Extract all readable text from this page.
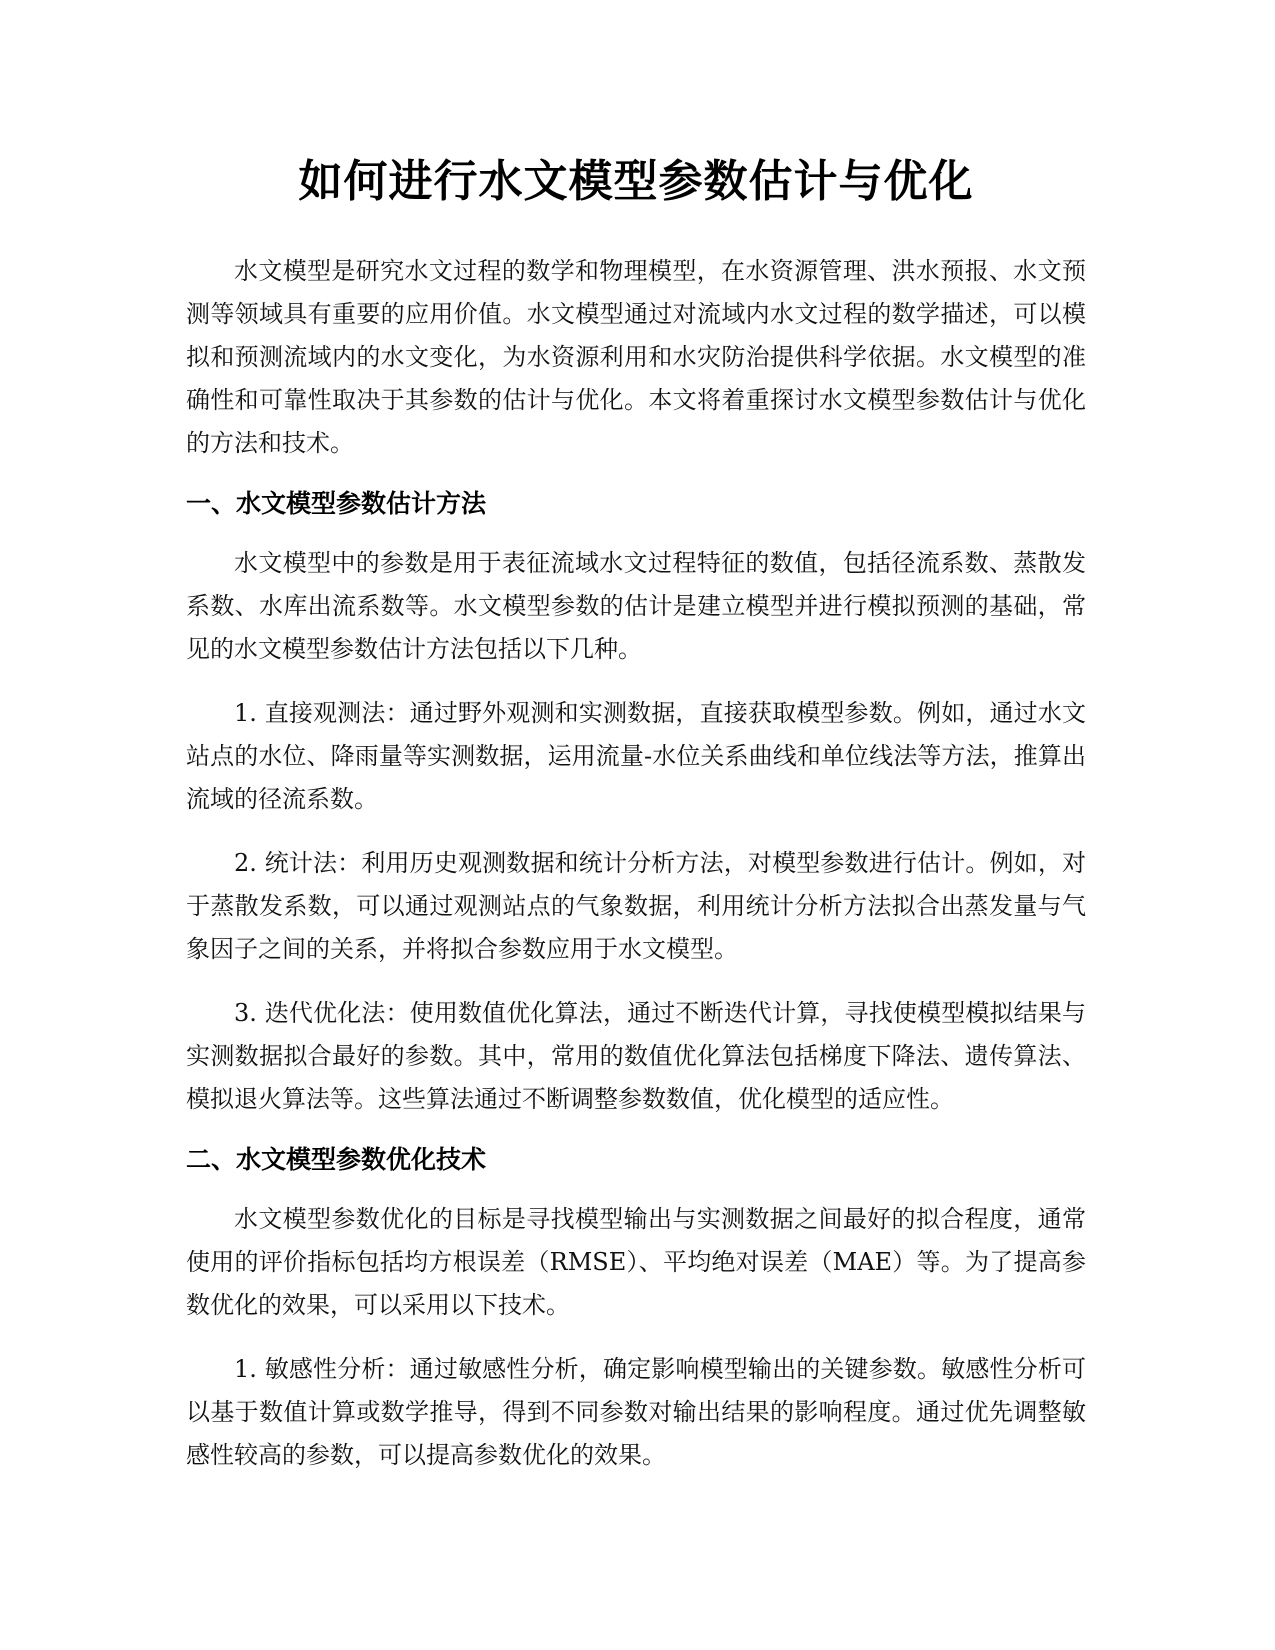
如何进行水文模型参数估计与优化

水文模型是研究水文过程的数学和物理模型，在水资源管理、洪水预报、水文预测等领域具有重要的应用价值。水文模型通过对流域内水文过程的数学描述，可以模拟和预测流域内的水文变化，为水资源利用和水灾防治提供科学依据。水文模型的准确性和可靠性取决于其参数的估计与优化。本文将着重探讨水文模型参数估计与优化的方法和技术。

一、水文模型参数估计方法

水文模型中的参数是用于表征流域水文过程特征的数值，包括径流系数、蒸散发系数、水库出流系数等。水文模型参数的估计是建立模型并进行模拟预测的基础，常见的水文模型参数估计方法包括以下几种。

1. 直接观测法：通过野外观测和实测数据，直接获取模型参数。例如，通过水文站点的水位、降雨量等实测数据，运用流量-水位关系曲线和单位线法等方法，推算出流域的径流系数。

2. 统计法：利用历史观测数据和统计分析方法，对模型参数进行估计。例如，对于蒸散发系数，可以通过观测站点的气象数据，利用统计分析方法拟合出蒸发量与气象因子之间的关系，并将拟合参数应用于水文模型。

3. 迭代优化法：使用数值优化算法，通过不断迭代计算，寻找使模型模拟结果与实测数据拟合最好的参数。其中，常用的数值优化算法包括梯度下降法、遗传算法、模拟退火算法等。这些算法通过不断调整参数数值，优化模型的适应性。

二、水文模型参数优化技术

水文模型参数优化的目标是寻找模型输出与实测数据之间最好的拟合程度，通常使用的评价指标包括均方根误差（RMSE）、平均绝对误差（MAE）等。为了提高参数优化的效果，可以采用以下技术。

1. 敏感性分析：通过敏感性分析，确定影响模型输出的关键参数。敏感性分析可以基于数值计算或数学推导，得到不同参数对输出结果的影响程度。通过优先调整敏感性较高的参数，可以提高参数优化的效果。
